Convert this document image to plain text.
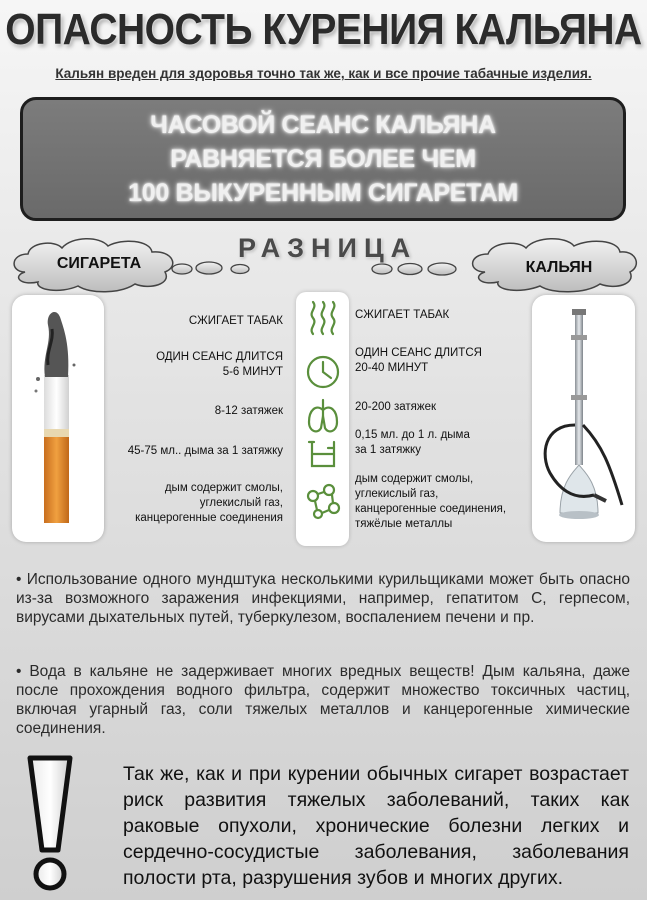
ОПАСНОСТЬ КУРЕНИЯ КАЛЬЯНА
Кальян вреден для здоровья точно так же, как и все прочие табачные изделия.
ЧАСОВОЙ СЕАНС КАЛЬЯНА
РАВНЯЕТСЯ БОЛЕЕ ЧЕМ
100 ВЫКУРЕННЫМ СИГАРЕТАМ
СИГАРЕТА	КАЛЬЯН
РАЗНИЦА
СЖИГАЕТ ТАБАК
ОДИН СЕАНС ДЛИТСЯ
5-6 МИНУТ
8-12 затяжек
45-75 мл.. дыма за 1 затяжку
дым содержит смолы,
углекислый газ,
канцерогенные соединения
СЖИГАЕТ ТАБАК
ОДИН СЕАНС ДЛИТСЯ
20-40 МИНУТ
20-200 затяжек
0,15 мл. до 1 л. дыма
за 1 затяжку
дым содержит смолы,
углекислый газ,
канцерогенные соединения,
тяжёлые металлы
• Использование одного мундштука несколькими курильщиками может быть опасно из-за возможного заражения инфекциями, например, гепатитом С, герпесом, вирусами дыхательных путей, туберкулезом, воспалением печени и пр.
• Вода в кальяне не задерживает многих вредных веществ! Дым кальяна, даже после прохождения водного фильтра, содержит множество токсичных частиц, включая угарный газ, соли тяжелых металлов и канцерогенные химические соединения.
Так же, как и при курении обычных сигарет возрастает риск развития тяжелых заболеваний, таких как раковые опухоли, хронические болезни легких и сердечно-сосудистые заболевания, заболевания полости рта, разрушения зубов и многих других.
